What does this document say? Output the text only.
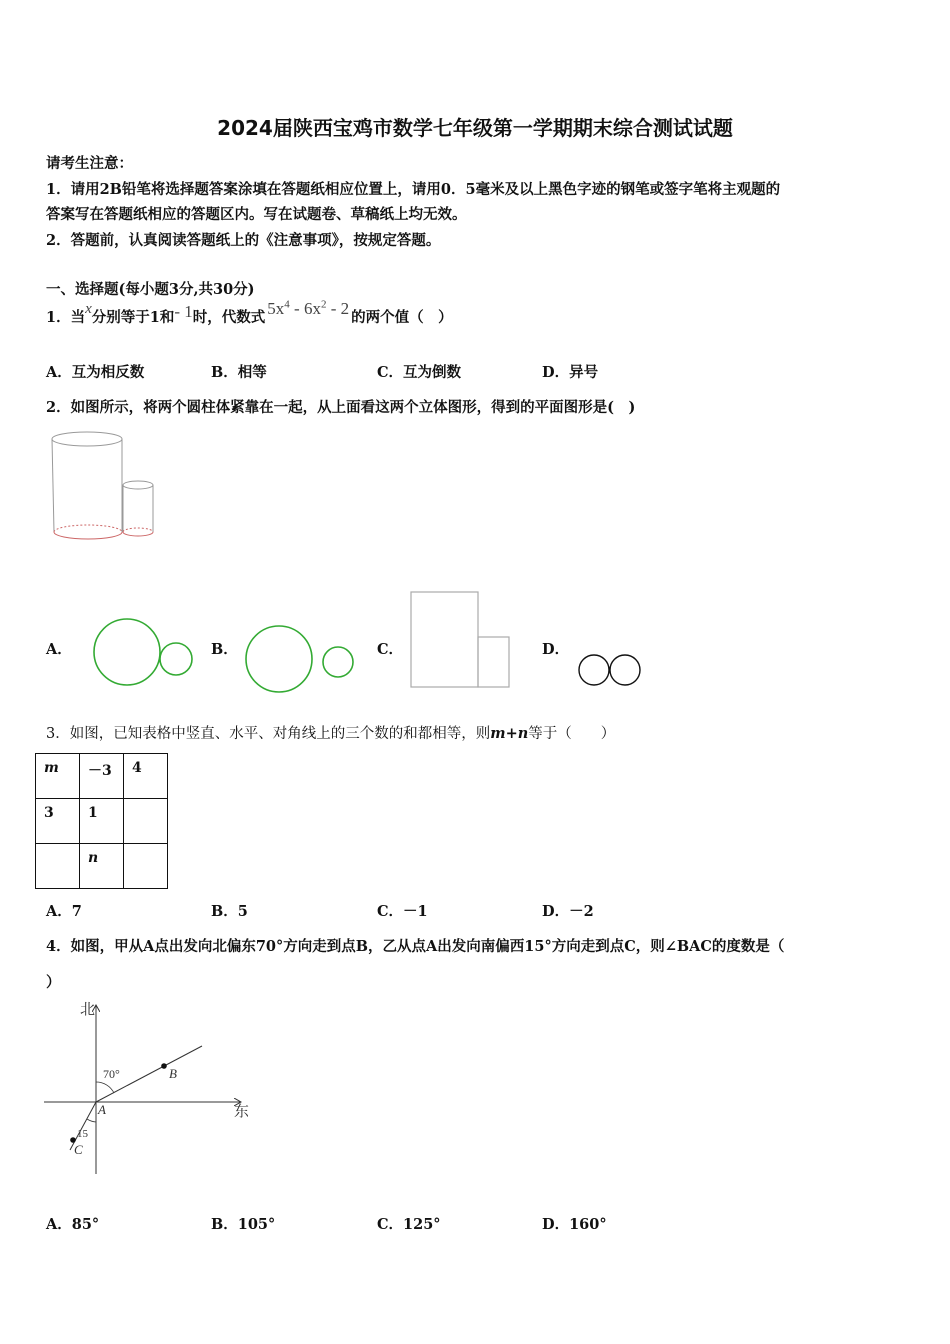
2024届陕西宝鸡市数学七年级第一学期期末综合测试试题
请考生注意：
1．请用2B铅笔将选择题答案涂填在答题纸相应位置上，请用0．5毫米及以上黑色字迹的钢笔或签字笔将主观题的
答案写在答题纸相应的答题区内。写在试题卷、草稿纸上均无效。
2．答题前，认真阅读答题纸上的《注意事项》，按规定答题。
一、选择题(每小题3分,共30分)
1．当x分别等于1和- 1时，代数式 $5x^4 - 6x^2 - 2$ 的两个值（　）
A．互为相反数	B．相等	C．互为倒数	D．异号
2．如图所示，将两个圆柱体紧靠在一起，从上面看这两个立体图形，得到的平面图形是(　)
A．	B．	C．	D．
3．如图，已知表格中竖直、水平、对角线上的三个数的和都相等，则m+n等于（　　）
m	－3	4
3	1	
	n	
A．7	B．5	C．－1	D．－2
4．如图，甲从A点出发向北偏东70°方向走到点B，乙从点A出发向南偏西15°方向走到点C，则∠BAC的度数是（
）
北
东
70°
15
A
B
C
A．85°	B．105°	C．125°	D．160°
